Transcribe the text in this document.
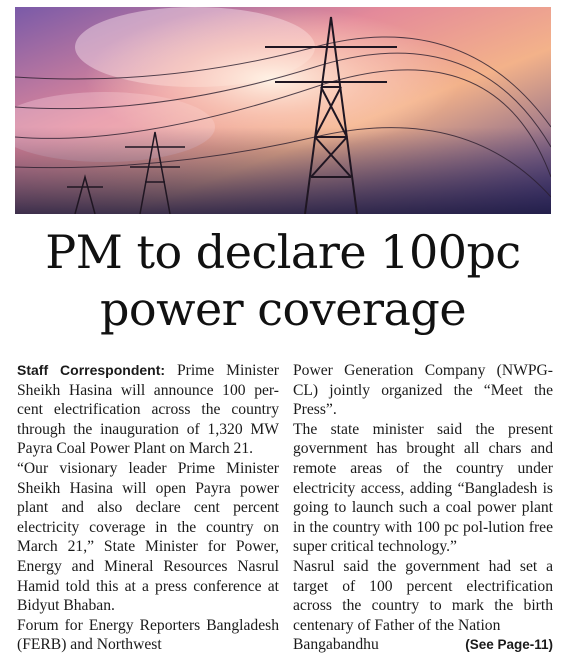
PM to declare 100pc
power coverage

Staff Correspondent: Prime Minister Sheikh Hasina will announce 100 per-cent electrification across the country through the inauguration of 1,320 MW Payra Coal Power Plant on March 21.

“Our visionary leader Prime Minister Sheikh Hasina will open Payra power plant and also declare cent percent electricity coverage in the country on March 21,” State Minister for Power, Energy and Mineral Resources Nasrul Hamid told this at a press conference at Bidyut Bhaban.

Forum for Energy Reporters Bangladesh (FERB) and Northwest

Power Generation Company (NWPG-CL) jointly organized the “Meet the Press”.

The state minister said the present government has brought all chars and remote areas of the country under electricity access, adding “Bangladesh is going to launch such a coal power plant in the country with 100 pc pol-lution free super critical technology.”

Nasrul said the government had set a target of 100 percent electrification across the country to mark the birth centenary of Father of the Nation

Bangabandhu	(See Page-11)
